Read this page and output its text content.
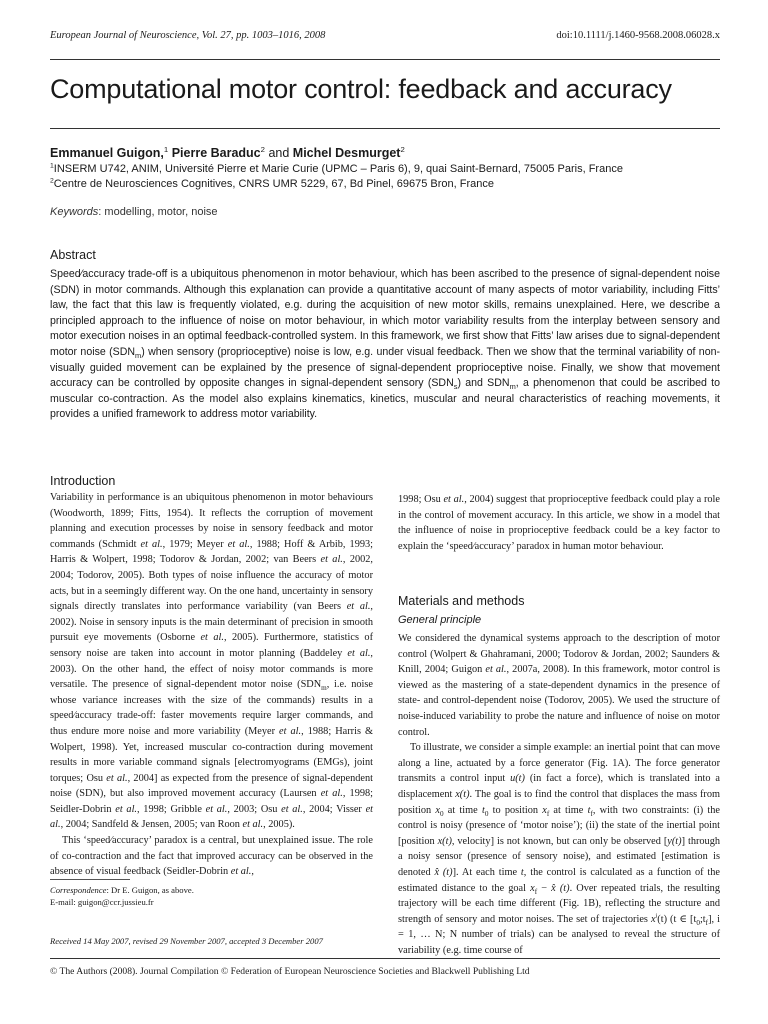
European Journal of Neuroscience, Vol. 27, pp. 1003–1016, 2008	doi:10.1111/j.1460-9568.2008.06028.x
Computational motor control: feedback and accuracy

Emmanuel Guigon,$^1$ Pierre Baraduc$^2$ and Michel Desmurget$^2$

$^1$INSERM U742, ANIM, Université Pierre et Marie Curie (UPMC – Paris 6), 9, quai Saint-Bernard, 75005 Paris, France
$^2$Centre de Neurosciences Cognitives, CNRS UMR 5229, 67, Bd Pinel, 69675 Bron, France
Keywords: modelling, motor, noise
Abstract

Speed⁄accuracy trade-off is a ubiquitous phenomenon in motor behaviour, which has been ascribed to the presence of signal-dependent noise (SDN) in motor commands. Although this explanation can provide a quantitative account of many aspects of motor variability, including Fitts’ law, the fact that this law is frequently violated, e.g. during the acquisition of new motor skills, remains unexplained. Here, we describe a principled approach to the influence of noise on motor behaviour, in which motor variability results from the interplay between sensory and motor execution noises in an optimal feedback-controlled system. In this framework, we first show that Fitts’ law arises due to signal-dependent motor noise $(SDN_m)$ when sensory (proprioceptive) noise is low, e.g. under visual feedback. Then we show that the terminal variability of non-visually guided movement can be explained by the presence of signal-dependent proprioceptive noise. Finally, we show that movement accuracy can be controlled by opposite changes in signal-dependent sensory $(SDN_s)$ and $SDN_m$, a phenomenon that could be ascribed to muscular co-contraction. As the model also explains kinematics, kinetics, muscular and neural characteristics of reaching movements, it provides a unified framework to address motor variability.

Introduction

Variability in performance is an ubiquitous phenomenon in motor behaviours (Woodworth, 1899; Fitts, 1954). It reflects the corruption of movement planning and execution processes by noise in sensory feedback and motor commands (Schmidt et al., 1979; Meyer et al., 1988; Hoff & Arbib, 1993; Harris & Wolpert, 1998; Todorov & Jordan, 2002; van Beers et al., 2002, 2004; Todorov, 2005). Both types of noise influence the accuracy of motor acts, but in a seemingly different way. On the one hand, uncertainty in sensory signals directly translates into performance variability (van Beers et al., 2002). Noise in sensory inputs is the main determinant of precision in smooth pursuit eye movements (Osborne et al., 2005). Furthermore, statistics of sensory noise are taken into account in motor planning (Baddeley et al., 2003). On the other hand, the effect of noisy motor commands is more versatile. The presence of signal-dependent motor noise ($SDN_m$, i.e. noise whose variance increases with the size of the commands) results in a speed⁄accuracy trade-off: faster movements require larger commands, and thus endure more noise and more variability (Meyer et al., 1988; Harris & Wolpert, 1998). Yet, increased muscular co-contraction during movement results in more variable command signals [electromyograms (EMGs), joint torques; Osu et al., 2004] as expected from the presence of signal-dependent noise (SDN), but also improved movement accuracy (Laursen et al., 1998; Seidler-Dobrin et al., 1998; Gribble et al., 2003; Osu et al., 2004; Visser et al., 2004; Sandfeld & Jensen, 2005; van Roon et al., 2005).

This ‘speed⁄accuracy’ paradox is a central, but unexplained issue. The role of co-contraction and the fact that improved accuracy can be observed in the absence of visual feedback (Seidler-Dobrin et al.,

1998; Osu et al., 2004) suggest that proprioceptive feedback could play a role in the control of movement accuracy. In this article, we show in a model that the influence of noise in proprioceptive feedback could be a key factor to explain the ‘speed⁄accuracy’ paradox in human motor behaviour.

Materials and methods
General principle

We considered the dynamical systems approach to the description of motor control (Wolpert & Ghahramani, 2000; Todorov & Jordan, 2002; Saunders & Knill, 2004; Guigon et al., 2007a, 2008). In this framework, motor control is viewed as the mastering of a state-dependent dynamics in the presence of state- and control-dependent noise (Todorov, 2005). We used the structure of noise-induced variability to probe the nature and influence of noise on motor control.

To illustrate, we consider a simple example: an inertial point that can move along a line, actuated by a force generator (Fig. 1A). The force generator transmits a control input u(t) (in fact a force), which is translated into a displacement x(t). The goal is to find the control that displaces the mass from position $x_0$ at time $t_0$ to position $x_f$ at time $t_f$, with two constraints: (i) the control is noisy (presence of ‘motor noise’); (ii) the state of the inertial point [position x(t), velocity] is not known, but can only be observed [y(t)] through a noisy sensor (presence of sensory noise), and estimated [estimation is denoted x̂ (t)]. At each time t, the control is calculated as a function of the estimated distance to the goal $x_f$ − x̂ (t). Over repeated trials, the resulting trajectory will be each time different (Fig. 1B), reflecting the structure and strength of sensory and motor noises. The set of trajectories $x^i(t)$ (t ∈ $[t_0;t_f]$, i = 1, … N; N number of trials) can be analysed to reveal the structure of variability (e.g. time course of

Correspondence: Dr E. Guigon, as above.
E-mail: guigon@ccr.jussieu.fr
Received 14 May 2007, revised 29 November 2007, accepted 3 December 2007
© The Authors (2008). Journal Compilation © Federation of European Neuroscience Societies and Blackwell Publishing Ltd
